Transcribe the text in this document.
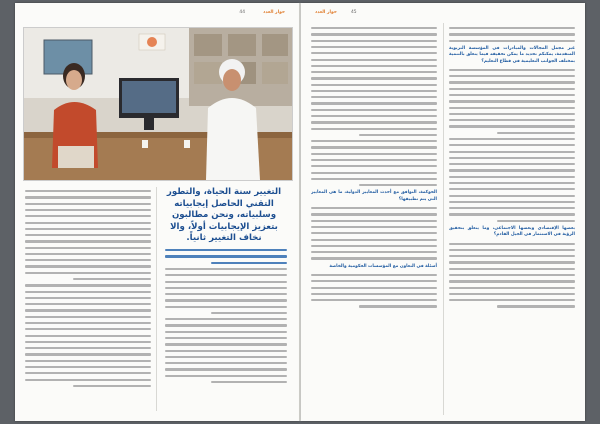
حوار العدد
44
التغيير سنة الحياة، والتطور التقني الحاصل إيجابياته وسلبياته، ونحن مطالبون بتعزيز الإيجابيات أولاً، والا نخاف التغيير ثانياً.
حوار العدد	45

عبر مجمل المجالات والمبادرات في المؤسسة التربوية المتقدمة، يمكنكم تحديد ما يمكن تحقيقه فيما يتعلق بالتنمية بمختلف الجوانب التعليمية في قطاع التعليم؟

بعضها الإقتصادي وبعضها الاجتماعي، وما يتعلق بتحقيق الرؤية في الاستثمار في الجيل القادم؟

الحوكمة، التوافق مع أحدث المعايير الدولية، ما هي المعايير التي يتم تطبيقها؟

أسئلة في التعاون مع المؤسسات الحكومية والخاصة
